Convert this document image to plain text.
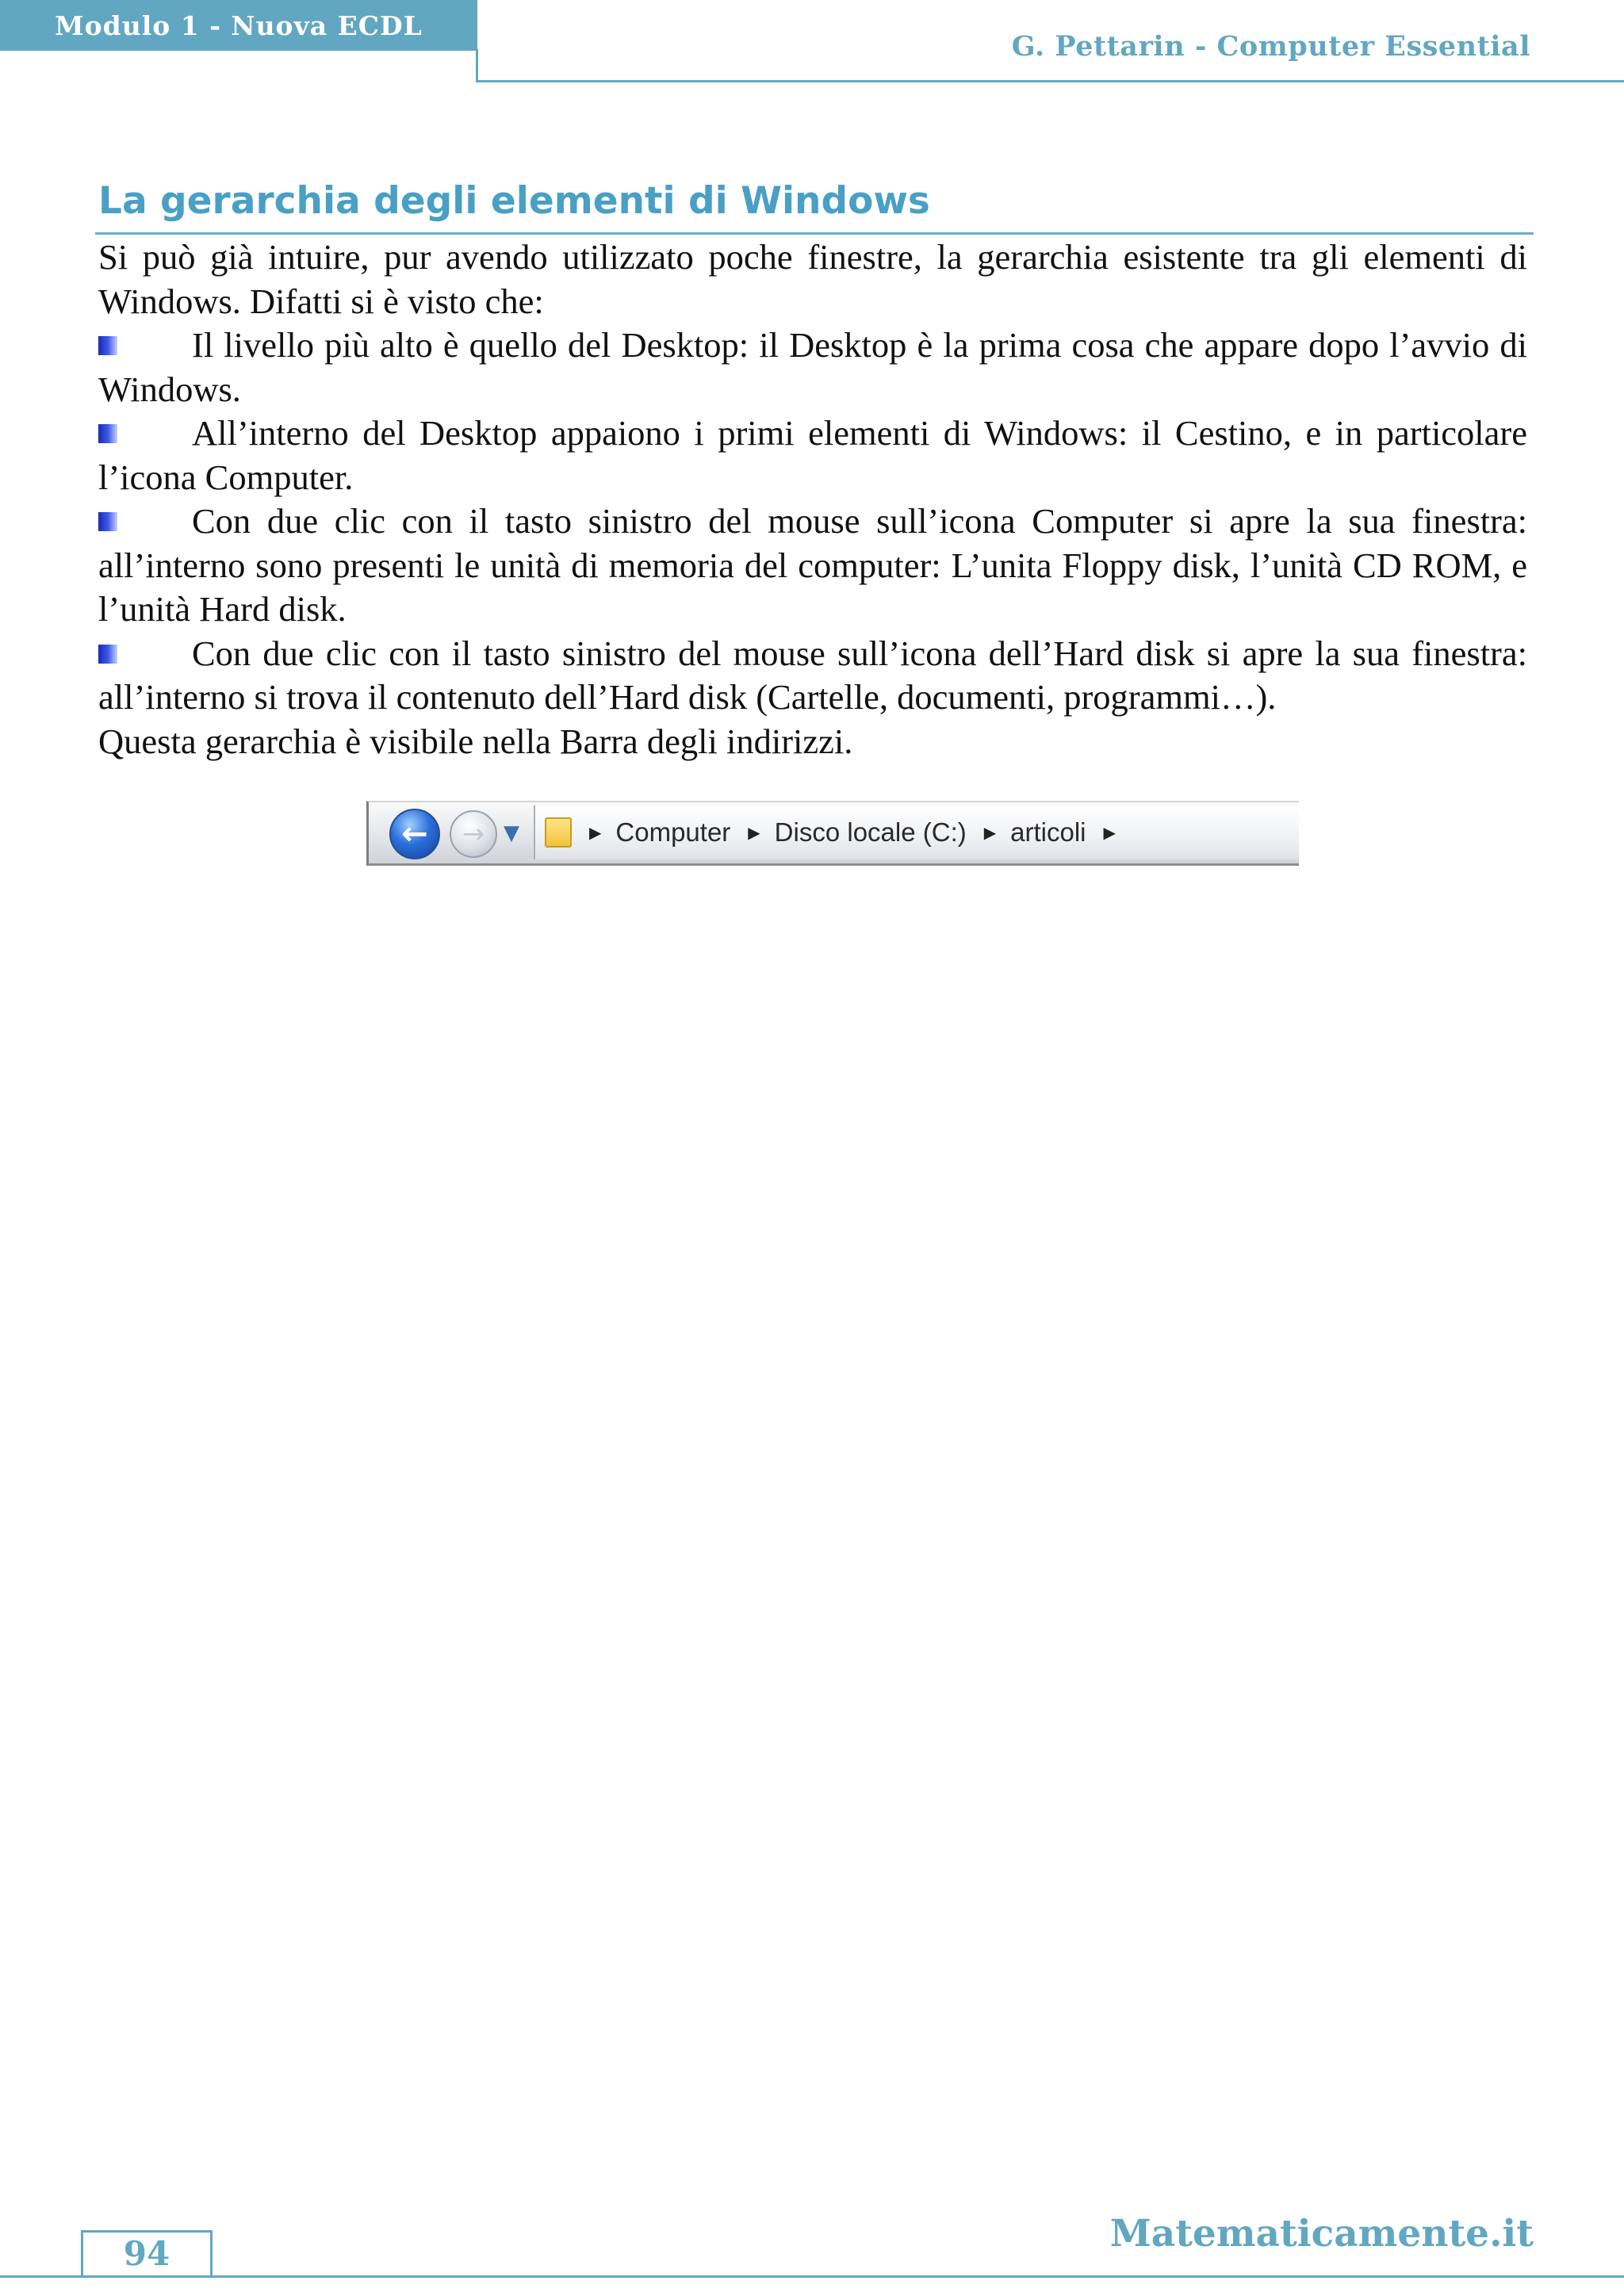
Modulo 1 - Nuova ECDL
G. Pettarin - Computer Essential
La gerarchia degli elementi di Windows

Si può già intuire, pur avendo utilizzato poche finestre, la gerarchia esistente tra gli elementi di Windows. Difatti si è visto che:

Il livello più alto è quello del Desktop: il Desktop è la prima cosa che appare dopo l’avvio di Windows.

All’interno del Desktop appaiono i primi elementi di Windows: il Cestino, e in particolare l’icona Computer.

Con due clic con il tasto sinistro del mouse sull’icona Computer si apre la sua finestra: all’interno sono presenti le unità di memoria del computer: L’unita Floppy disk, l’unità CD ROM, e l’unità Hard disk.

Con due clic con il tasto sinistro del mouse sull’icona dell’Hard disk si apre la sua finestra: all’interno si trova il contenuto dell’Hard disk (Cartelle, documenti, programmi…).

Questa gerarchia è visibile nella Barra degli indirizzi.

←	→ ▼	▶ Computer ▶ Disco locale (C:) ▶ articoli ▶
94	Matematicamente.it
